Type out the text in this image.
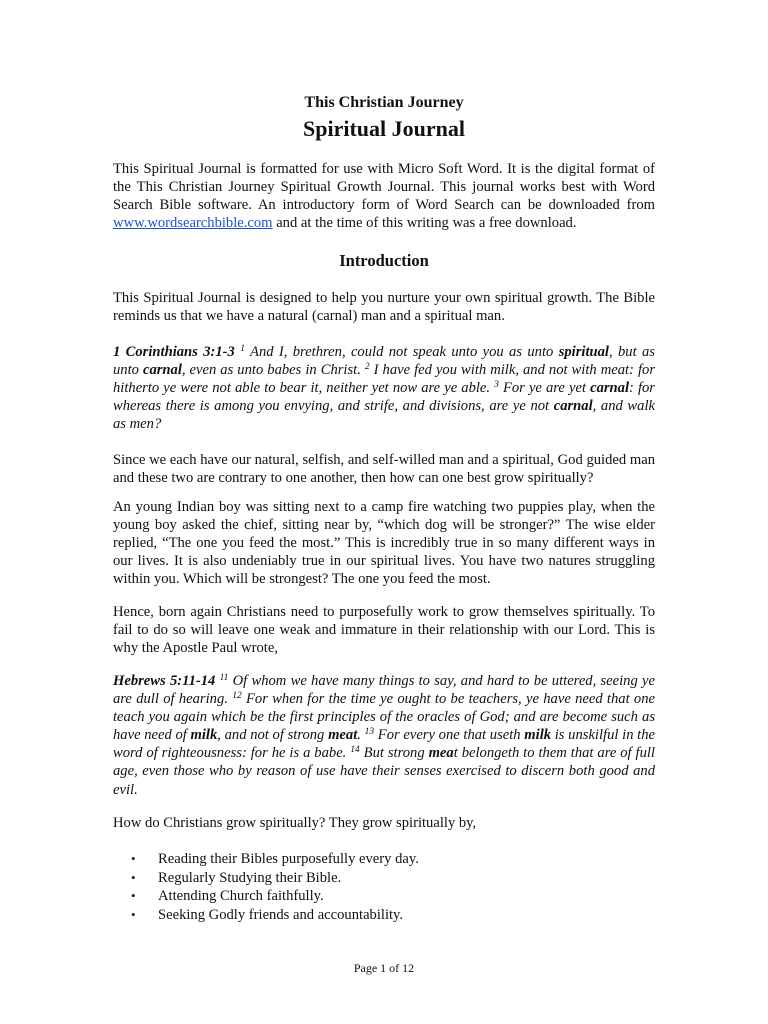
This Christian Journey
Spiritual Journal
This Spiritual Journal is formatted for use with Micro Soft Word. It is the digital format of the This Christian Journey Spiritual Growth Journal. This journal works best with Word Search Bible software. An introductory form of Word Search can be downloaded from www.wordsearchbible.com and at the time of this writing was a free download.
Introduction
This Spiritual Journal is designed to help you nurture your own spiritual growth. The Bible reminds us that we have a natural (carnal) man and a spiritual man.
1 Corinthians 3:1-3 $^1$ And I, brethren, could not speak unto you as unto spiritual, but as unto carnal, even as unto babes in Christ. $^2$ I have fed you with milk, and not with meat: for hitherto ye were not able to bear it, neither yet now are ye able. $^3$ For ye are yet carnal: for whereas there is among you envying, and strife, and divisions, are ye not carnal, and walk as men?
Since we each have our natural, selfish, and self-willed man and a spiritual, God guided man and these two are contrary to one another, then how can one best grow spiritually?
An young Indian boy was sitting next to a camp fire watching two puppies play, when the young boy asked the chief, sitting near by, “which dog will be stronger?” The wise elder replied, “The one you feed the most.” This is incredibly true in so many different ways in our lives. It is also undeniably true in our spiritual lives. You have two natures struggling within you. Which will be strongest? The one you feed the most.
Hence, born again Christians need to purposefully work to grow themselves spiritually. To fail to do so will leave one weak and immature in their relationship with our Lord. This is why the Apostle Paul wrote,
Hebrews 5:11-14 $^{11}$ Of whom we have many things to say, and hard to be uttered, seeing ye are dull of hearing. $^{12}$ For when for the time ye ought to be teachers, ye have need that one teach you again which be the first principles of the oracles of God; and are become such as have need of milk, and not of strong meat. $^{13}$ For every one that useth milk is unskilful in the word of righteousness: for he is a babe. $^{14}$ But strong meat belongeth to them that are of full age, even those who by reason of use have their senses exercised to discern both good and evil.
How do Christians grow spiritually? They grow spiritually by,
• Reading their Bibles purposefully every day.
• Regularly Studying their Bible.
• Attending Church faithfully.
• Seeking Godly friends and accountability.
Page 1 of 12
